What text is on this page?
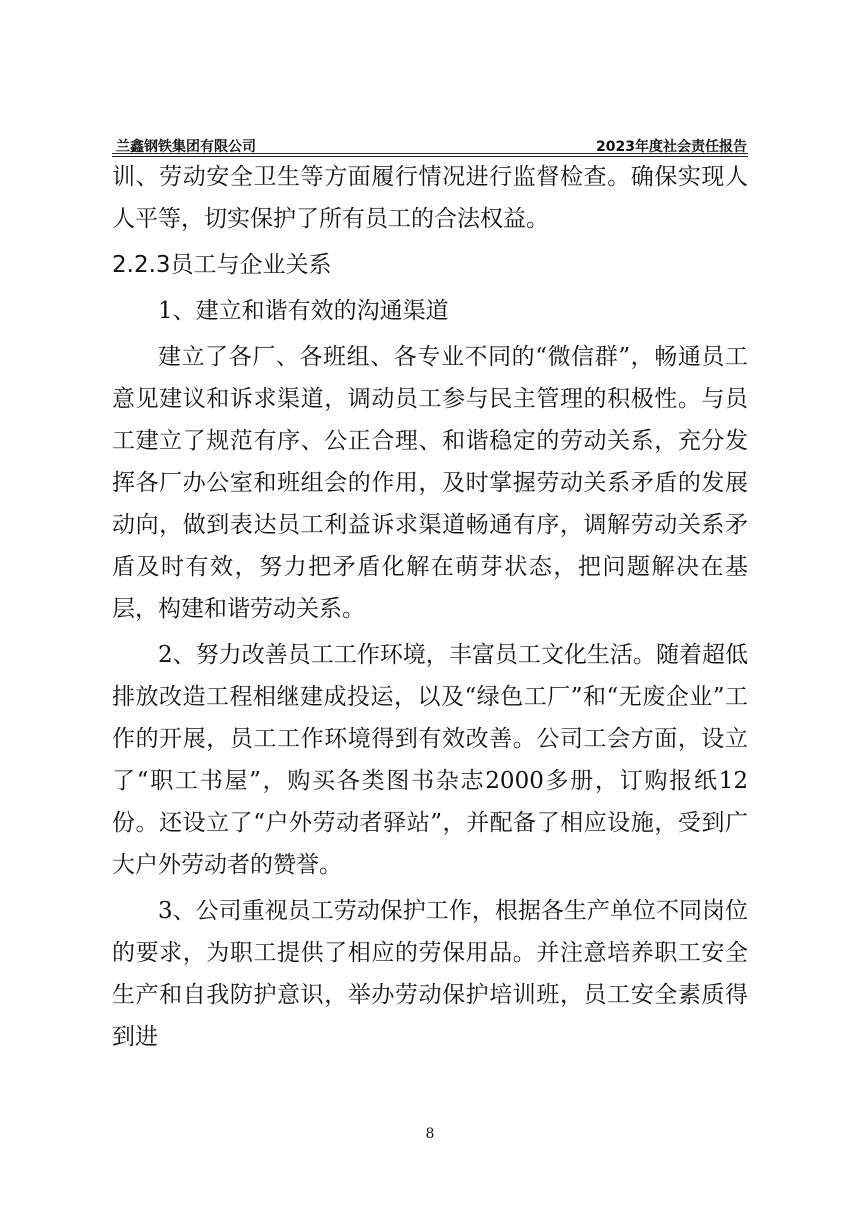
兰鑫钢铁集团有限公司	2023年度社会责任报告

训、劳动安全卫生等方面履行情况进行监督检查。确保实现人人平等，切实保护了所有员工的合法权益。

2.2.3员工与企业关系

1、建立和谐有效的沟通渠道

建立了各厂、各班组、各专业不同的“微信群”，畅通员工意见建议和诉求渠道，调动员工参与民主管理的积极性。与员工建立了规范有序、公正合理、和谐稳定的劳动关系，充分发挥各厂办公室和班组会的作用，及时掌握劳动关系矛盾的发展动向，做到表达员工利益诉求渠道畅通有序，调解劳动关系矛盾及时有效，努力把矛盾化解在萌芽状态，把问题解决在基层，构建和谐劳动关系。

2、努力改善员工工作环境，丰富员工文化生活。随着超低排放改造工程相继建成投运，以及“绿色工厂”和“无废企业”工作的开展，员工工作环境得到有效改善。公司工会方面，设立了“职工书屋”，购买各类图书杂志2000多册，订购报纸12份。还设立了“户外劳动者驿站”，并配备了相应设施，受到广大户外劳动者的赞誉。

3、公司重视员工劳动保护工作，根据各生产单位不同岗位的要求，为职工提供了相应的劳保用品。并注意培养职工安全生产和自我防护意识，举办劳动保护培训班，员工安全素质得到进

8
